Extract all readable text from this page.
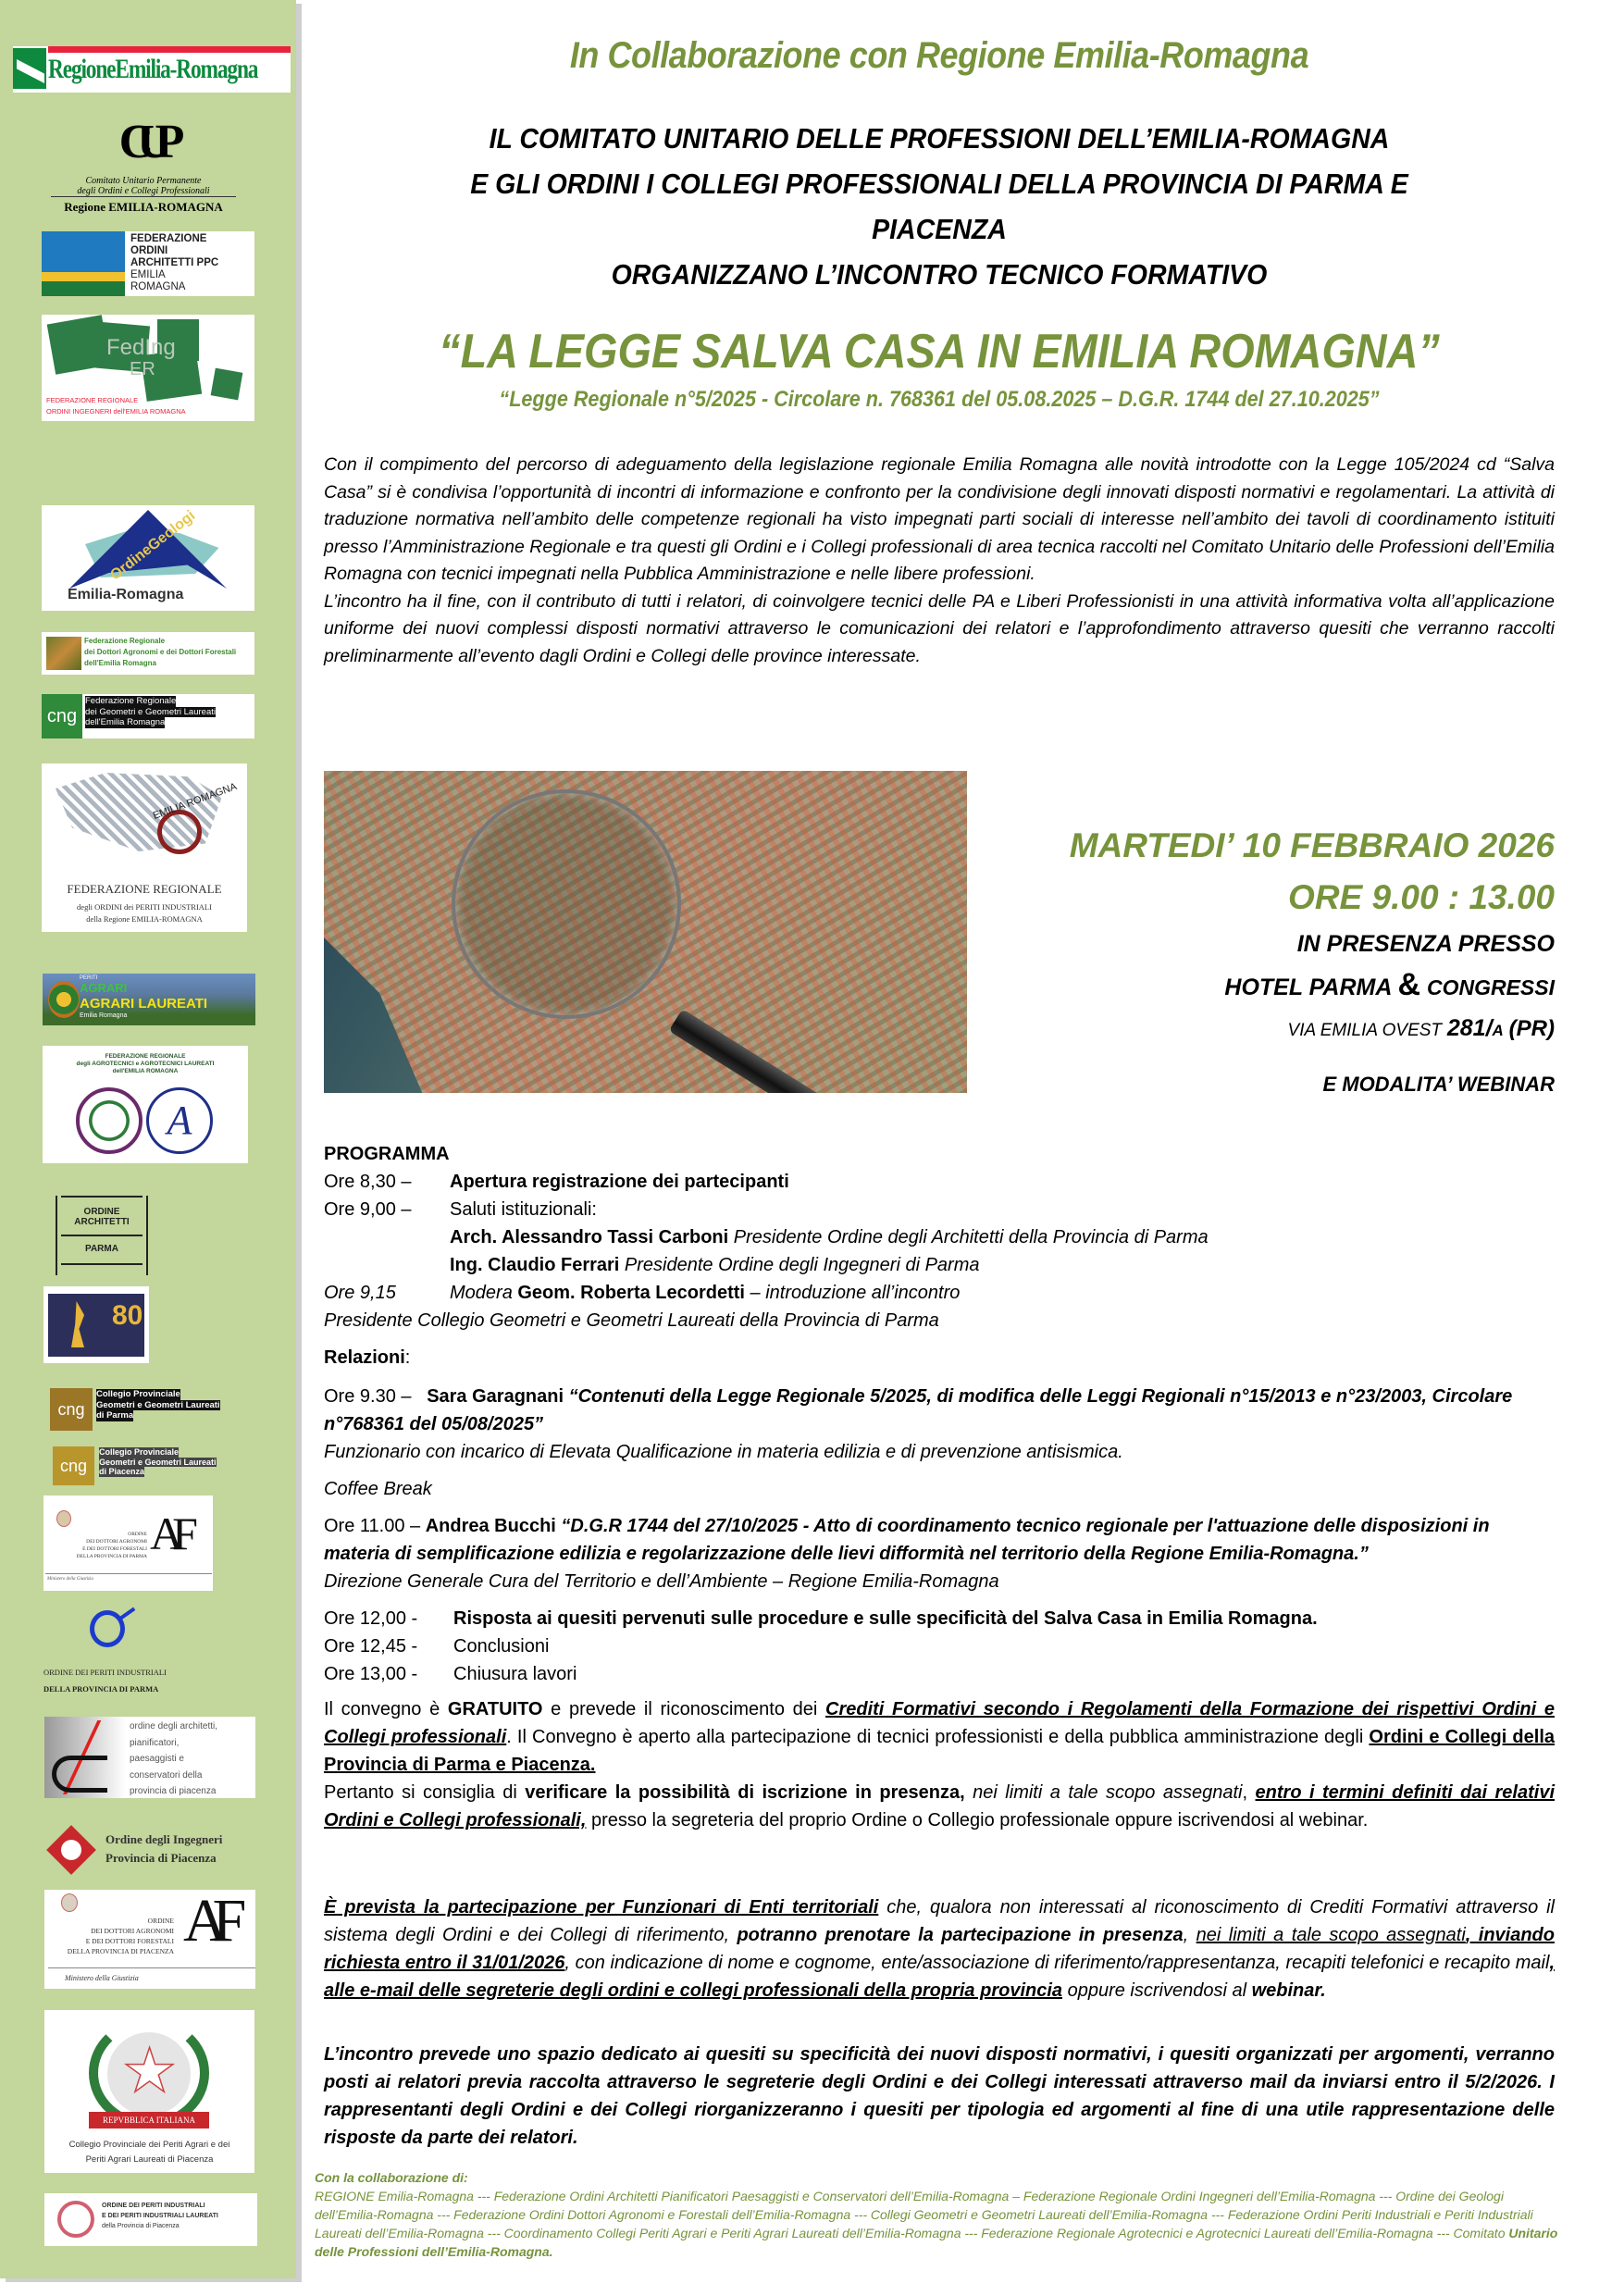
RegioneEmilia-Romagna
CUP
Comitato Unitario Permanente
degli Ordini e Collegi Professionali
Regione EMILIA-ROMAGNA
FEDERAZIONE
ORDINI
ARCHITETTI PPC
EMILIA
ROMAGNA
FedIng
ER
FEDERAZIONE REGIONALE
ORDINI INGEGNERI dell'EMILIA ROMAGNA
OrdineGeologi
Emilia-Romagna
Federazione Regionale
dei Dottori Agronomi e dei Dottori Forestali
dell'Emilia Romagna
cng
Federazione Regionale
dei Geometri e Geometri Laureati
dell'Emilia Romagna
EMILIA ROMAGNA
FEDERAZIONE REGIONALE
degli ORDINI dei PERITI INDUSTRIALI
della Regione EMILIA-ROMAGNA
PERITI
AGRARI
AGRARI LAUREATI
Emilia Romagna
FEDERAZIONE REGIONALE
degli AGROTECNICI e AGROTECNICI LAUREATI
dell'EMILIA ROMAGNA
A
ORDINE
ARCHITETTI
PARMA
80
cng
Collegio Provinciale
Geometri e Geometri Laureati
di Parma
cng
Collegio Provinciale
Geometri e Geometri Laureati
di Piacenza
ORDINE
DEI DOTTORI AGRONOMI
E DEI DOTTORI FORESTALI
DELLA PROVINCIA DI PARMA AF
Ministero della Giustizia
ORDINE DEI PERITI INDUSTRIALI
DELLA PROVINCIA DI PARMA
ordine degli architetti,
pianificatori,
paesaggisti e
conservatori della
provincia di piacenza
Ordine degli Ingegneri
Provincia di Piacenza
ORDINE
DEI DOTTORI AGRONOMI
E DEI DOTTORI FORESTALI
DELLA PROVINCIA DI PIACENZA AF
Ministero della Giustizia
★
REPVBBLICA ITALIANA
Collegio Provinciale dei Periti Agrari e dei
Periti Agrari Laureati di Piacenza
ORDINE DEI PERITI INDUSTRIALI
E DEI PERITI INDUSTRIALI LAUREATI
della Provincia di Piacenza
In Collaborazione con Regione Emilia-Romagna
IL COMITATO UNITARIO DELLE PROFESSIONI DELL’EMILIA-ROMAGNA
E GLI ORDINI I COLLEGI PROFESSIONALI DELLA PROVINCIA DI PARMA E
PIACENZA
ORGANIZZANO L’INCONTRO TECNICO FORMATIVO
“LA LEGGE SALVA CASA IN EMILIA ROMAGNA”
“Legge Regionale n°5/2025 - Circolare n. 768361 del 05.08.2025 – D.G.R. 1744 del 27.10.2025”

Con il compimento del percorso di adeguamento della legislazione regionale Emilia Romagna alle novità introdotte con la Legge 105/2024 cd “Salva Casa” si è condivisa l’opportunità di incontri di informazione e confronto per la condivisione degli innovati disposti normativi e regolamentari. La attività di traduzione normativa nell’ambito delle competenze regionali ha visto impegnati parti sociali di interesse nell’ambito dei tavoli di coordinamento istituiti presso l’Amministrazione Regionale e tra questi gli Ordini e i Collegi professionali di area tecnica raccolti nel Comitato Unitario delle Professioni dell’Emilia Romagna con tecnici impegnati nella Pubblica Amministrazione e nelle libere professioni.

L’incontro ha il fine, con il contributo di tutti i relatori, di coinvolgere tecnici delle PA e Liberi Professionisti in una attività informativa volta all’applicazione uniforme dei nuovi complessi disposti normativi attraverso le comunicazioni dei relatori e l’approfondimento attraverso quesiti che verranno raccolti preliminarmente all’evento dagli Ordini e Collegi delle province interessate.

PROGRAMMA
Ore 8,30 –	Apertura registrazione dei partecipanti
Ore 9,00 –	Saluti istituzionali:
Arch. Alessandro Tassi Carboni Presidente Ordine degli Architetti della Provincia di Parma
Ing. Claudio Ferrari Presidente Ordine degli Ingegneri di Parma
Ore 9,15	Modera Geom. Roberta Lecordetti – introduzione all’incontro
Presidente Collegio Geometri e Geometri Laureati della Provincia di Parma
Relazioni:
Ore 9.30 – Sara Garagnani “Contenuti della Legge Regionale 5/2025, di modifica delle Leggi Regionali n°15/2013 e n°23/2003, Circolare n°768361 del 05/08/2025”
Funzionario con incarico di Elevata Qualificazione in materia edilizia e di prevenzione antisismica.
Coffee Break
Ore 11.00 – Andrea Bucchi “D.G.R 1744 del 27/10/2025 - Atto di coordinamento tecnico regionale per l'attuazione delle disposizioni in materia di semplificazione edilizia e regolarizzazione delle lievi difformità nel territorio della Regione Emilia-Romagna.”
Direzione Generale Cura del Territorio e dell’Ambiente – Regione Emilia-Romagna
Ore 12,00 -	Risposta ai quesiti pervenuti sulle procedure e sulle specificità del Salva Casa in Emilia Romagna.
Ore 12,45 -	Conclusioni
Ore 13,00 -	Chiusura lavori
Il convegno è GRATUITO e prevede il riconoscimento dei Crediti Formativi secondo i Regolamenti della Formazione dei rispettivi Ordini e Collegi professionali. Il Convegno è aperto alla partecipazione di tecnici professionisti e della pubblica amministrazione degli Ordini e Collegi della Provincia di Parma e Piacenza.
Pertanto si consiglia di verificare la possibilità di iscrizione in presenza, nei limiti a tale scopo assegnati, entro i termini definiti dai relativi Ordini e Collegi professionali, presso la segreteria del proprio Ordine o Collegio professionale oppure iscrivendosi al webinar.
È prevista la partecipazione per Funzionari di Enti territoriali che, qualora non interessati al riconoscimento di Crediti Formativi attraverso il sistema degli Ordini e dei Collegi di riferimento, potranno prenotare la partecipazione in presenza, nei limiti a tale scopo assegnati, inviando richiesta entro il 31/01/2026, con indicazione di nome e cognome, ente/associazione di riferimento/rappresentanza, recapiti telefonici e recapito mail, alle e-mail delle segreterie degli ordini e collegi professionali della propria provincia oppure iscrivendosi al webinar.
L’incontro prevede uno spazio dedicato ai quesiti su specificità dei nuovi disposti normativi, i quesiti organizzati per argomenti, verranno posti ai relatori previa raccolta attraverso le segreterie degli Ordini e dei Collegi interessati attraverso mail da inviarsi entro il 5/2/2026. I rappresentanti degli Ordini e dei Collegi riorganizzeranno i quesiti per tipologia ed argomenti al fine di una utile rappresentazione delle risposte da parte dei relatori.
Con la collaborazione di:
REGIONE Emilia-Romagna --- Federazione Ordini Architetti Pianificatori Paesaggisti e Conservatori dell’Emilia-Romagna – Federazione Regionale Ordini Ingegneri dell’Emilia-Romagna --- Ordine dei Geologi dell’Emilia-Romagna --- Federazione Ordini Dottori Agronomi e Forestali dell’Emilia-Romagna --- Collegi Geometri e Geometri Laureati dell’Emilia-Romagna --- Federazione Ordini Periti Industriali e Periti Industriali Laureati dell’Emilia-Romagna --- Coordinamento Collegi Periti Agrari e Periti Agrari Laureati dell’Emilia-Romagna --- Federazione Regionale Agrotecnici e Agrotecnici Laureati dell’Emilia-Romagna --- Comitato Unitario delle Professioni dell’Emilia-Romagna.
MARTEDI’ 10 FEBBRAIO 2026
ORE 9.00 : 13.00
IN PRESENZA PRESSO
HOTEL PARMA & CONGRESSI
VIA EMILIA OVEST 281/A (PR)
E MODALITA’ WEBINAR
